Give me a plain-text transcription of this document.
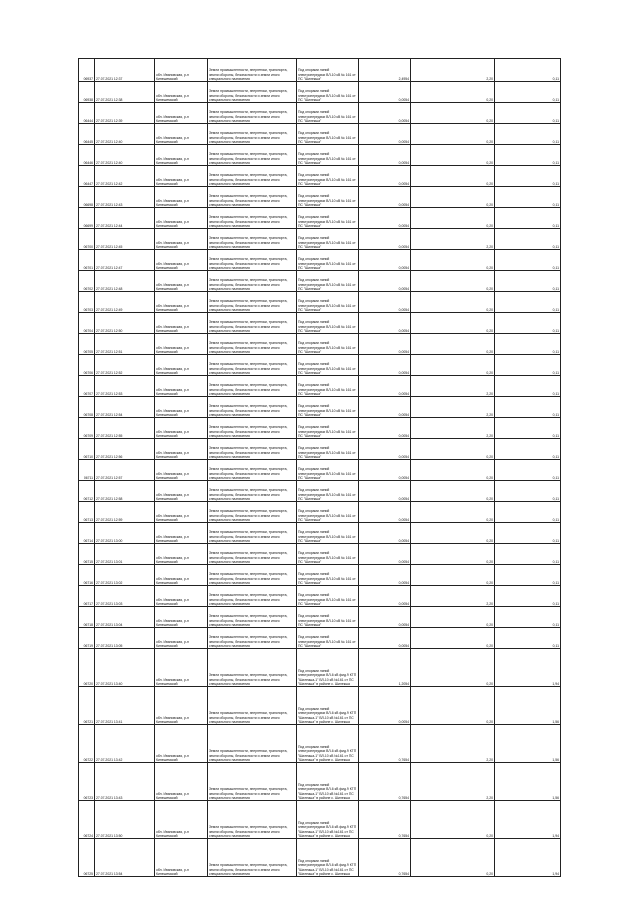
06937	27.07.2021 12:37	обл. Ивановская, р-н Кинешемский	Земли промышленности, энергетики, транспорта, земли обороны, безопасности и земли иного специального назначения	Под опорами линий электропередачи ВЛ-10 кВ № 161 от ПС "Шилекша"	2,4954	2,20	0,11
06938	27.07.2021 12:38	обл. Ивановская, р-н Кинешемский	Земли промышленности, энергетики, транспорта, земли обороны, безопасности и земли иного специального назначения	Под опорами линий электропередачи ВЛ-10 кВ № 161 от ПС "Шилекша"	0,0054	0,20	0,11
06444	27.07.2021 12:39	обл. Ивановская, р-н Кинешемский	Земли промышленности, энергетики, транспорта, земли обороны, безопасности и земли иного специального назначения	Под опорами линий электропередачи ВЛ-10 кВ № 161 от ПС "Шилекша"	0,0054	0,20	0,11
06445	27.07.2021 12:40	обл. Ивановская, р-н Кинешемский	Земли промышленности, энергетики, транспорта, земли обороны, безопасности и земли иного специального назначения	Под опорами линий электропередачи ВЛ-10 кВ № 161 от ПС "Шилекша"	0,0054	0,20	0,11
06446	27.07.2021 12:40	обл. Ивановская, р-н Кинешемский	Земли промышленности, энергетики, транспорта, земли обороны, безопасности и земли иного специального назначения	Под опорами линий электропередачи ВЛ-10 кВ № 161 от ПС "Шилекша"	0,0054	0,20	0,11
06447	27.07.2021 12:42	обл. Ивановская, р-н Кинешемский	Земли промышленности, энергетики, транспорта, земли обороны, безопасности и земли иного специального назначения	Под опорами линий электропередачи ВЛ-10 кВ № 161 от ПС "Шилекша"	0,0054	0,20	0,11
06698	27.07.2021 12:43	обл. Ивановская, р-н Кинешемский	Земли промышленности, энергетики, транспорта, земли обороны, безопасности и земли иного специального назначения	Под опорами линий электропередачи ВЛ-10 кВ № 161 от ПС "Шилекша"	0,0054	0,20	0,11
06699	27.07.2021 12:44	обл. Ивановская, р-н Кинешемский	Земли промышленности, энергетики, транспорта, земли обороны, безопасности и земли иного специального назначения	Под опорами линий электропередачи ВЛ-10 кВ № 161 от ПС "Шилекша"	0,0054	0,20	0,11
06700	27.07.2021 12:45	обл. Ивановская, р-н Кинешемский	Земли промышленности, энергетики, транспорта, земли обороны, безопасности и земли иного специального назначения	Под опорами линий электропередачи ВЛ-10 кВ № 161 от ПС "Шилекша"	0,0054	2,20	0,11
06701	27.07.2021 12:47	обл. Ивановская, р-н Кинешемский	Земли промышленности, энергетики, транспорта, земли обороны, безопасности и земли иного специального назначения	Под опорами линий электропередачи ВЛ-10 кВ № 161 от ПС "Шилекша"	0,0054	0,20	0,11
06702	27.07.2021 12:48	обл. Ивановская, р-н Кинешемский	Земли промышленности, энергетики, транспорта, земли обороны, безопасности и земли иного специального назначения	Под опорами линий электропередачи ВЛ-10 кВ № 161 от ПС "Шилекша"	0,0054	0,20	0,11
06703	27.07.2021 12:49	обл. Ивановская, р-н Кинешемский	Земли промышленности, энергетики, транспорта, земли обороны, безопасности и земли иного специального назначения	Под опорами линий электропередачи ВЛ-10 кВ № 161 от ПС "Шилекша"	0,0054	0,20	0,11
06704	27.07.2021 12:50	обл. Ивановская, р-н Кинешемский	Земли промышленности, энергетики, транспорта, земли обороны, безопасности и земли иного специального назначения	Под опорами линий электропередачи ВЛ-10 кВ № 161 от ПС "Шилекша"	0,0054	0,20	0,11
06705	27.07.2021 12:51	обл. Ивановская, р-н Кинешемский	Земли промышленности, энергетики, транспорта, земли обороны, безопасности и земли иного специального назначения	Под опорами линий электропередачи ВЛ-10 кВ № 161 от ПС "Шилекша"	0,0054	0,20	0,11
06706	27.07.2021 12:52	обл. Ивановская, р-н Кинешемский	Земли промышленности, энергетики, транспорта, земли обороны, безопасности и земли иного специального назначения	Под опорами линий электропередачи ВЛ-10 кВ № 161 от ПС "Шилекша"	0,0054	0,20	0,11
06707	27.07.2021 12:53	обл. Ивановская, р-н Кинешемский	Земли промышленности, энергетики, транспорта, земли обороны, безопасности и земли иного специального назначения	Под опорами линий электропередачи ВЛ-10 кВ № 161 от ПС "Шилекша"	0,0054	2,20	0,11
06708	27.07.2021 12:54	обл. Ивановская, р-н Кинешемский	Земли промышленности, энергетики, транспорта, земли обороны, безопасности и земли иного специального назначения	Под опорами линий электропередачи ВЛ-10 кВ № 161 от ПС "Шилекша"	0,0054	2,20	0,11
06709	27.07.2021 12:55	обл. Ивановская, р-н Кинешемский	Земли промышленности, энергетики, транспорта, земли обороны, безопасности и земли иного специального назначения	Под опорами линий электропередачи ВЛ-10 кВ № 161 от ПС "Шилекша"	0,0054	2,20	0,11
06710	27.07.2021 12:56	обл. Ивановская, р-н Кинешемский	Земли промышленности, энергетики, транспорта, земли обороны, безопасности и земли иного специального назначения	Под опорами линий электропередачи ВЛ-10 кВ № 161 от ПС "Шилекша"	0,0054	0,20	0,11
06711	27.07.2021 12:57	обл. Ивановская, р-н Кинешемский	Земли промышленности, энергетики, транспорта, земли обороны, безопасности и земли иного специального назначения	Под опорами линий электропередачи ВЛ-10 кВ № 161 от ПС "Шилекша"	0,0054	0,20	0,11
06712	27.07.2021 12:58	обл. Ивановская, р-н Кинешемский	Земли промышленности, энергетики, транспорта, земли обороны, безопасности и земли иного специального назначения	Под опорами линий электропередачи ВЛ-10 кВ № 161 от ПС "Шилекша"	0,0054	0,20	0,11
06713	27.07.2021 12:59	обл. Ивановская, р-н Кинешемский	Земли промышленности, энергетики, транспорта, земли обороны, безопасности и земли иного специального назначения	Под опорами линий электропередачи ВЛ-10 кВ № 161 от ПС "Шилекша"	0,0054	0,20	0,11
06714	27.07.2021 13:00	обл. Ивановская, р-н Кинешемский	Земли промышленности, энергетики, транспорта, земли обороны, безопасности и земли иного специального назначения	Под опорами линий электропередачи ВЛ-10 кВ № 161 от ПС "Шилекша"	0,0054	0,20	0,11
06715	27.07.2021 13:01	обл. Ивановская, р-н Кинешемский	Земли промышленности, энергетики, транспорта, земли обороны, безопасности и земли иного специального назначения	Под опорами линий электропередачи ВЛ-10 кВ № 161 от ПС "Шилекша"	0,0054	0,20	0,11
06716	27.07.2021 13:02	обл. Ивановская, р-н Кинешемский	Земли промышленности, энергетики, транспорта, земли обороны, безопасности и земли иного специального назначения	Под опорами линий электропередачи ВЛ-10 кВ № 161 от ПС "Шилекша"	0,0054	0,20	0,11
06717	27.07.2021 13:03	обл. Ивановская, р-н Кинешемский	Земли промышленности, энергетики, транспорта, земли обороны, безопасности и земли иного специального назначения	Под опорами линий электропередачи ВЛ-10 кВ № 161 от ПС "Шилекша"	0,0054	2,20	0,11
06718	27.07.2021 13:04	обл. Ивановская, р-н Кинешемский	Земли промышленности, энергетики, транспорта, земли обороны, безопасности и земли иного специального назначения	Под опорами линий электропередачи ВЛ-10 кВ № 161 от ПС "Шилекша"	0,0054	0,20	0,11
06719	27.07.2021 13:05	обл. Ивановская, р-н Кинешемский	Земли промышленности, энергетики, транспорта, земли обороны, безопасности и земли иного специального назначения	Под опорами линий электропередачи ВЛ-10 кВ № 161 от ПС "Шилекша"	0,0054	0,20	0,11
06720	27.07.2021 13:40	обл. Ивановская, р-н Кинешемский	Земли промышленности, энергетики, транспорта, земли обороны, безопасности и земли иного специального назначения	Под опорами линий электропередачи ВЛ-6 кВ фид.9 КТП "Шилекша-1" ВЛ-10 кВ №161 от ПС "Шилекша" в районе с. Шилекша	1,2054	0,20	1,94
06721	27.07.2021 13:41	обл. Ивановская, р-н Кинешемский	Земли промышленности, энергетики, транспорта, земли обороны, безопасности и земли иного специального назначения	Под опорами линий электропередачи ВЛ-6 кВ фид.9 КТП "Шилекша-1" ВЛ-10 кВ №161 от ПС "Шилекша" в районе с. Шилекша	0,0054	0,20	1,56
06722	27.07.2021 13:42	обл. Ивановская, р-н Кинешемский	Земли промышленности, энергетики, транспорта, земли обороны, безопасности и земли иного специального назначения	Под опорами линий электропередачи ВЛ-6 кВ фид.9 КТП "Шилекша-1" ВЛ-10 кВ №161 от ПС "Шилекша" в районе с. Шилекша	0,7654	2,20	1,56
06723	27.07.2021 13:43	обл. Ивановская, р-н Кинешемский	Земли промышленности, энергетики, транспорта, земли обороны, безопасности и земли иного специального назначения	Под опорами линий электропередачи ВЛ-6 кВ фид.9 КТП "Шилекша-1" ВЛ-10 кВ №161 от ПС "Шилекша" в районе с. Шилекша	0,7654	2,20	1,56
06724	27.07.2021 13:50	обл. Ивановская, р-н Кинешемский	Земли промышленности, энергетики, транспорта, земли обороны, безопасности и земли иного специального назначения	Под опорами линий электропередачи ВЛ-6 кВ фид.9 КТП "Шилекша-1" ВЛ-10 кВ №161 от ПС "Шилекша" в районе с. Шилекша	0,7654	0,20	1,94
06725	27.07.2021 13:54	обл. Ивановская, р-н Кинешемский	Земли промышленности, энергетики, транспорта, земли обороны, безопасности и земли иного специального назначения	Под опорами линий электропередачи ВЛ-6 кВ фид.9 КТП "Шилекша-1" ВЛ-10 кВ №161 от ПС "Шилекша" в районе с. Шилекша	0,7654	0,20	1,94
